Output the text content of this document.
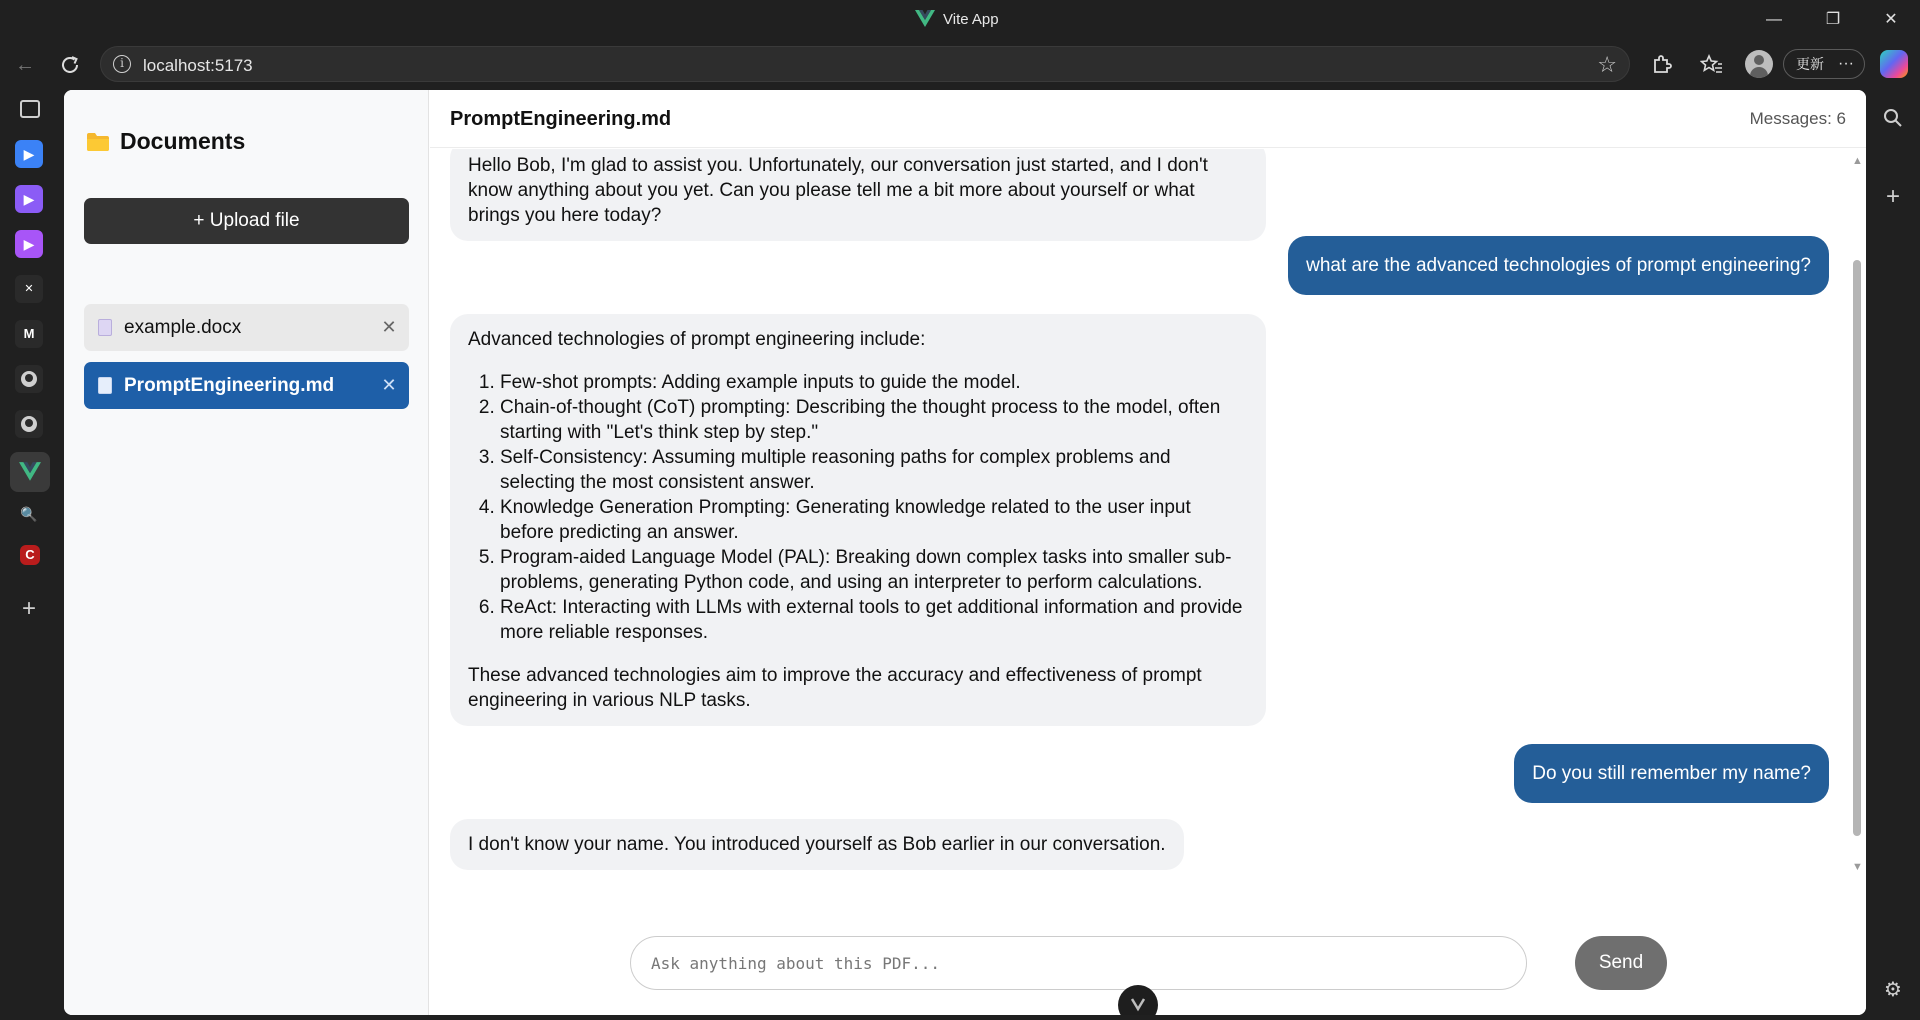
Vite App	—	❐	✕
←	i	localhost:5173	☆	更新 ···
▶
▶
▶
✕
M
🔍
C
+
+
⚙
Documents
+ Upload file
example.docx	✕
PromptEngineering.md	✕
PromptEngineering.md	Messages: 6

Hello Bob, I'm glad to assist you. Unfortunately, our conversation just started, and I don't know anything about you yet. Can you please tell me a bit more about yourself or what brings you here today?

what are the advanced technologies of prompt engineering?

Advanced technologies of prompt engineering include:

1. Few-shot prompts: Adding example inputs to guide the model.
2. Chain-of-thought (CoT) prompting: Describing the thought process to the model, often starting with "Let's think step by step."
3. Self-Consistency: Assuming multiple reasoning paths for complex problems and selecting the most consistent answer.
4. Knowledge Generation Prompting: Generating knowledge related to the user input before predicting an answer.
5. Program-aided Language Model (PAL): Breaking down complex tasks into smaller sub-problems, generating Python code, and using an interpreter to perform calculations.
6. ReAct: Interacting with LLMs with external tools to get additional information and provide more reliable responses.

These advanced technologies aim to improve the accuracy and effectiveness of prompt engineering in various NLP tasks.

Do you still remember my name?

I don't know your name. You introduced yourself as Bob earlier in our conversation.

▲
▼
Ask anything about this PDF...
Send
